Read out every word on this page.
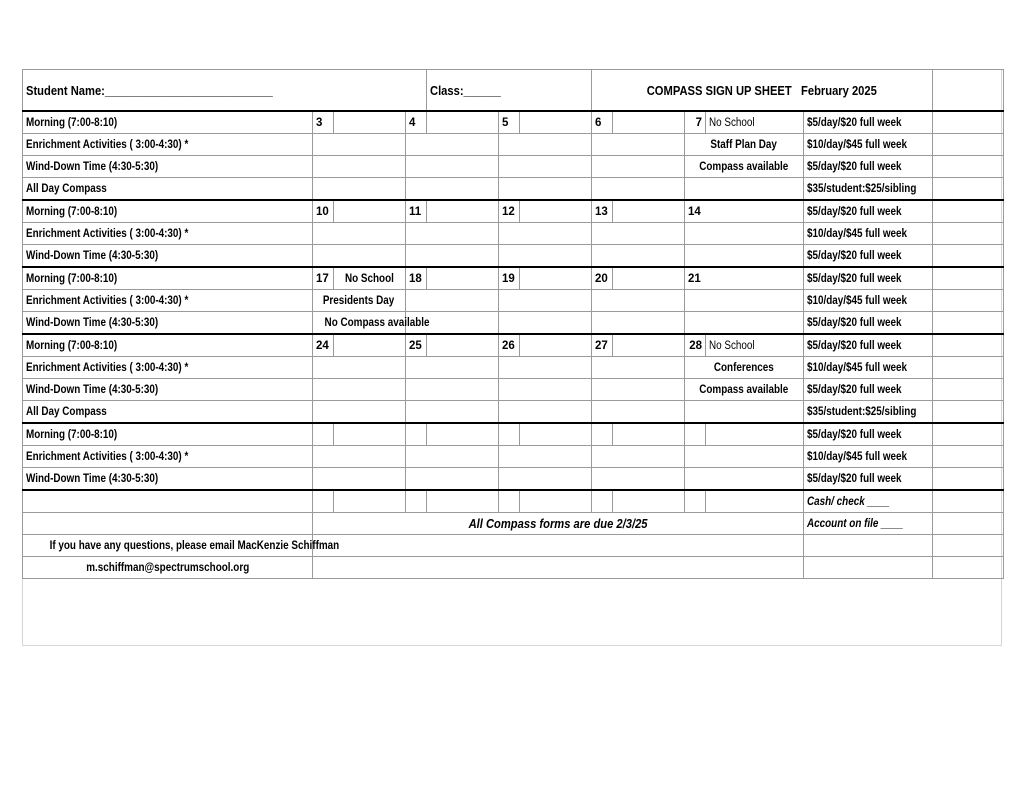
Student Name:___________________________				Class:______			COMPASS SIGN UP SHEET February 2025					
Morning (7:00-8:10)	3		4		5		6		7	No School	$5/day/$20 full week	
Enrichment Activities ( 3:00-4:30) *									Staff Plan Day		$10/day/$45 full week	
Wind-Down Time (4:30-5:30)									Compass available		$5/day/$20 full week	
All Day Compass											$35/student:$25/sibling	
Morning (7:00-8:10)	10		11		12		13		14		$5/day/$20 full week	
Enrichment Activities ( 3:00-4:30) *											$10/day/$45 full week	
Wind-Down Time (4:30-5:30)											$5/day/$20 full week	
Morning (7:00-8:10)	17	No School	18		19		20		21		$5/day/$20 full week	
Enrichment Activities ( 3:00-4:30) *	Presidents Day										$10/day/$45 full week	
Wind-Down Time (4:30-5:30)	No Compass available										$5/day/$20 full week	
Morning (7:00-8:10)	24		25		26		27		28	No School	$5/day/$20 full week	
Enrichment Activities ( 3:00-4:30) *									Conferences		$10/day/$45 full week	
Wind-Down Time (4:30-5:30)									Compass available		$5/day/$20 full week	
All Day Compass											$35/student:$25/sibling	
Morning (7:00-8:10)											$5/day/$20 full week	
Enrichment Activities ( 3:00-4:30) *											$10/day/$45 full week	
Wind-Down Time (4:30-5:30)											$5/day/$20 full week	
											Cash/ check ____	
	All Compass forms are due 2/3/25										Account on file ____	
If you have any questions, please email MacKenzie Schiffman												
m.schiffman@spectrumschool.org												
